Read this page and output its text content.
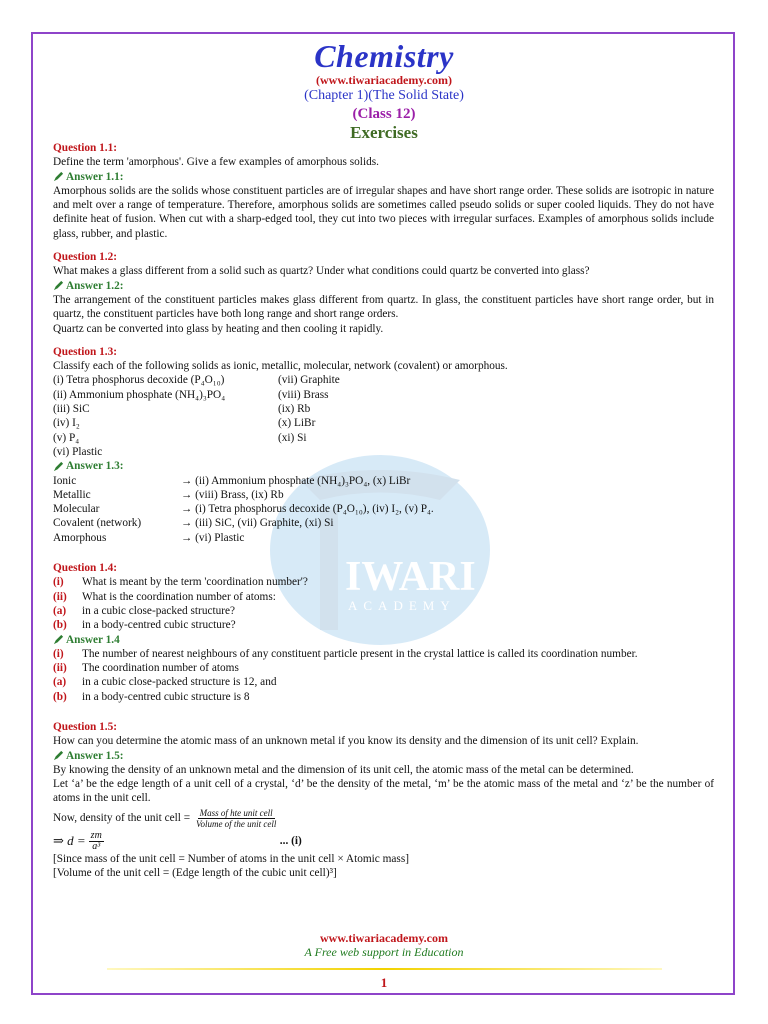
IWARI
ACADEMY
Chemistry
(www.tiwariacademy.com)
(Chapter 1)(The Solid State)
(Class 12)
Exercises
Question 1.1:
Define the term 'amorphous'. Give a few examples of amorphous solids.
Answer 1.1:
Amorphous solids are the solids whose constituent particles are of irregular shapes and have short range order. These solids are isotropic in nature and melt over a range of temperature. Therefore, amorphous solids are sometimes called pseudo solids or super cooled liquids. They do not have definite heat of fusion. When cut with a sharp-edged tool, they cut into two pieces with irregular surfaces. Examples of amorphous solids include glass, rubber, and plastic.
Question 1.2:
What makes a glass different from a solid such as quartz? Under what conditions could quartz be converted into glass?
Answer 1.2:
The arrangement of the constituent particles makes glass different from quartz. In glass, the constituent particles have short range order, but in quartz, the constituent particles have both long range and short range orders.
Quartz can be converted into glass by heating and then cooling it rapidly.
Question 1.3:
Classify each of the following solids as ionic, metallic, molecular, network (covalent) or amorphous.
(i) Tetra phosphorus decoxide (P₄O₁₀)	(vii) Graphite
(ii) Ammonium phosphate (NH₄)₃PO₄	(viii) Brass
(iii) SiC	(ix) Rb
(iv) I₂	(x) LiBr
(v) P₄	(xi) Si
(vi) Plastic
Answer 1.3:
Ionic	→ (ii) Ammonium phosphate (NH₄)₃PO₄, (x) LiBr
Metallic	→ (viii) Brass, (ix) Rb
Molecular	→ (i) Tetra phosphorus decoxide (P₄O₁₀), (iv) I₂, (v) P₄.
Covalent (network)	→ (iii) SiC, (vii) Graphite, (xi) Si
Amorphous	→ (vi) Plastic
Question 1.4:
(i)	What is meant by the term 'coordination number'?
(ii)	What is the coordination number of atoms:
(a)	in a cubic close-packed structure?
(b)	in a body-centred cubic structure?
Answer 1.4
(i)	The number of nearest neighbours of any constituent particle present in the crystal lattice is called its coordination number.
(ii)	The coordination number of atoms
(a)	in a cubic close-packed structure is 12, and
(b)	in a body-centred cubic structure is 8
Question 1.5:
How can you determine the atomic mass of an unknown metal if you know its density and the dimension of its unit cell? Explain.
Answer 1.5:
By knowing the density of an unknown metal and the dimension of its unit cell, the atomic mass of the metal can be determined.
Let ‘a’ be the edge length of a unit cell of a crystal, ‘d’ be the density of the metal, ‘m’ be the atomic mass of the metal and ‘z’ be the number of atoms in the unit cell.
Now, density of the unit cell = $\frac{\text{Mass of hte unit cell}}{\text{Volume of the unit cell}}$
⇒ $d = \frac{zm}{\text{a³}}$	... (i)
[Since mass of the unit cell = Number of atoms in the unit cell × Atomic mass]
[Volume of the unit cell = (Edge length of the cubic unit cell)³]
www.tiwariacademy.com
A Free web support in Education
1
